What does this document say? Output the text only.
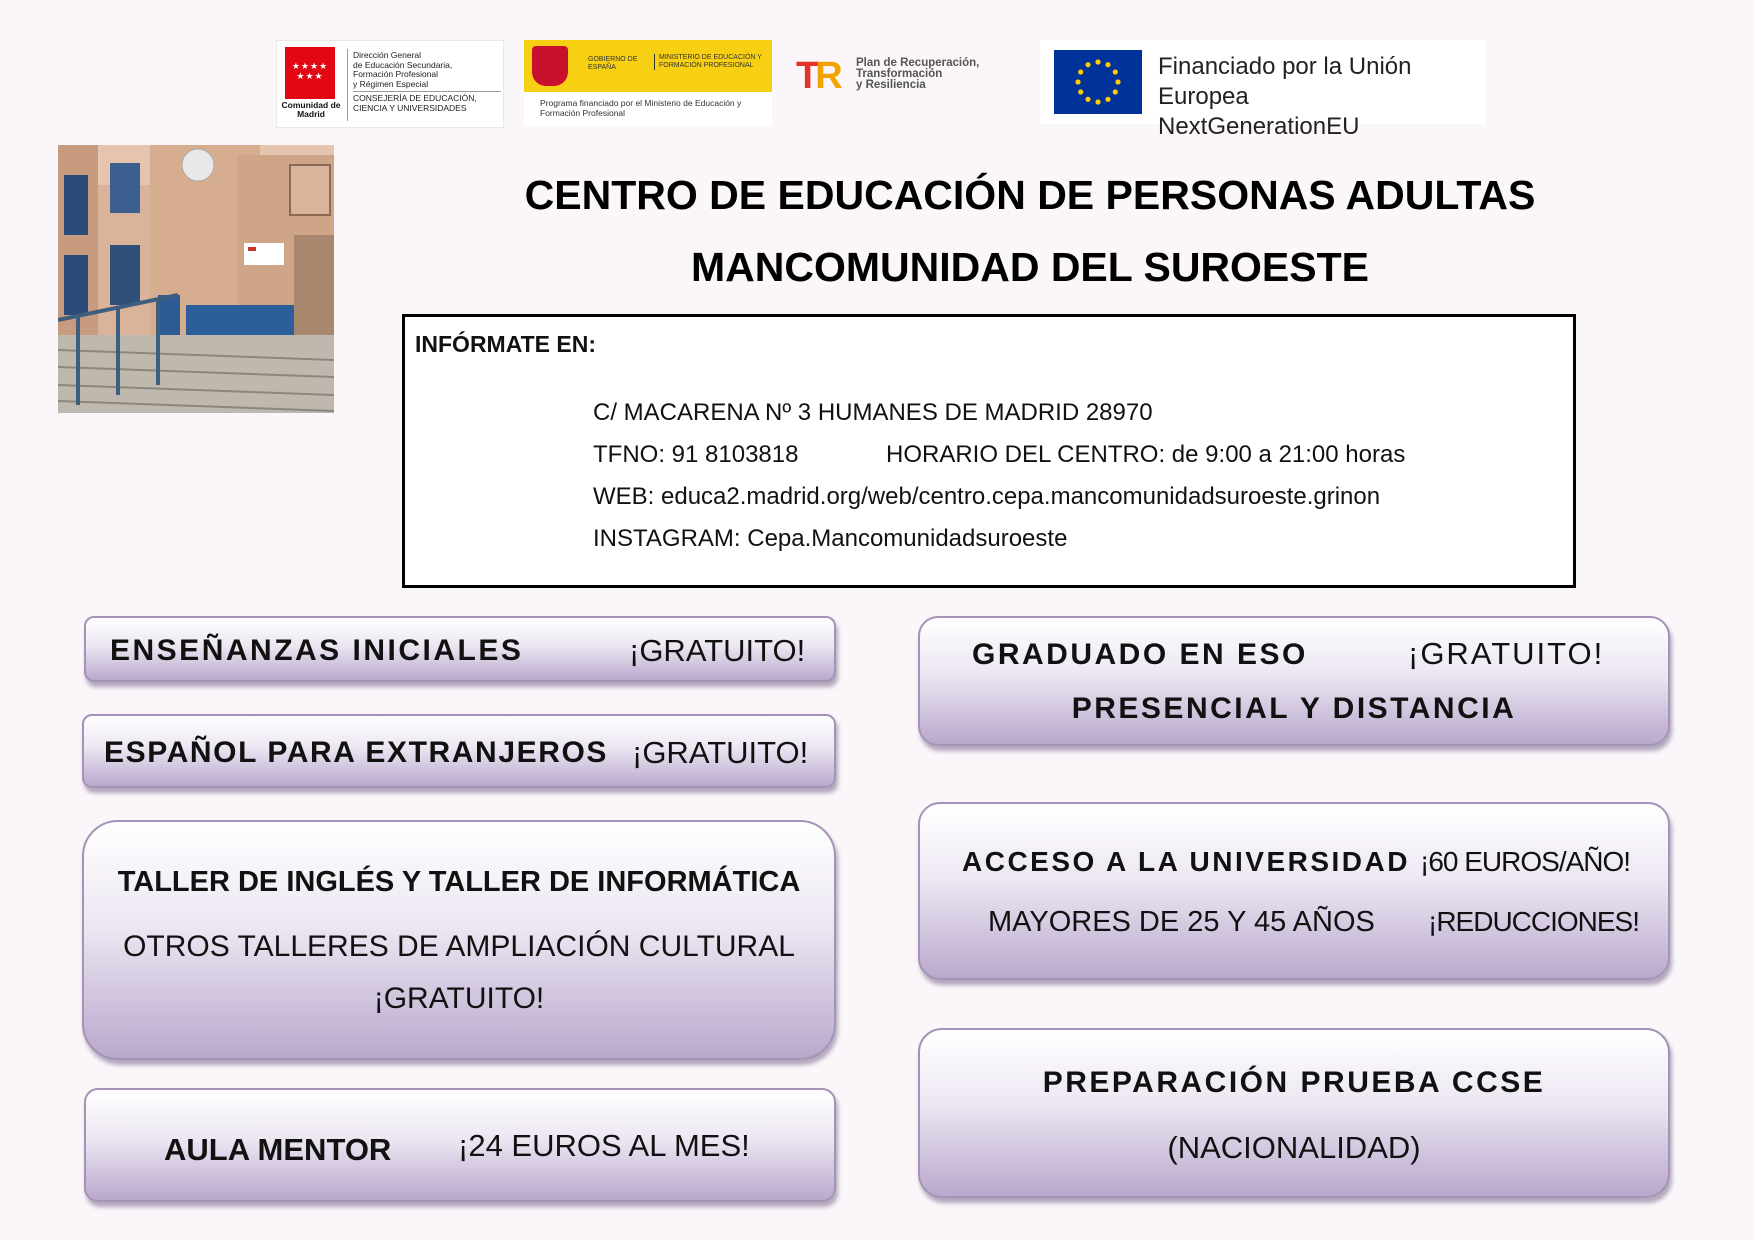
★★★★
★★★
Comunidad de Madrid
Dirección General
de Educación Secundaria,
Formación Profesional
y Régimen Especial
CONSEJERÍA DE EDUCACIÓN,
CIENCIA Y UNIVERSIDADES
GOBIERNO DE ESPAÑA
MINISTERIO DE EDUCACIÓN Y FORMACIÓN PROFESIONAL
Programa financiado por el Ministerio de Educación y Formación Profesional
TR Plan de Recuperación,
Transformación
y Resiliencia
Financiado por la Unión Europea
NextGenerationEU
CENTRO DE EDUCACIÓN DE PERSONAS ADULTAS
MANCOMUNIDAD DEL SUROESTE
INFÓRMATE EN:
C/ MACARENA Nº 3 HUMANES DE MADRID 28970
TFNO: 91 8103818	HORARIO DEL CENTRO: de 9:00 a 21:00 horas
WEB: educa2.madrid.org/web/centro.cepa.mancomunidadsuroeste.grinon
INSTAGRAM: Cepa.Mancomunidadsuroeste
ENSEÑANZAS INICIALES	¡GRATUITO!
ESPAÑOL PARA EXTRANJEROS ¡GRATUITO!
TALLER DE INGLÉS Y TALLER DE INFORMÁTICA
OTROS TALLERES DE AMPLIACIÓN CULTURAL
¡GRATUITO!
AULA MENTOR ¡24 EUROS AL MES!
GRADUADO EN ESO	¡GRATUITO!
PRESENCIAL Y DISTANCIA
ACCESO A LA UNIVERSIDAD ¡60 EUROS/AÑO!
MAYORES DE 25 Y 45 AÑOS ¡REDUCCIONES!
PREPARACIÓN PRUEBA CCSE
(NACIONALIDAD)
